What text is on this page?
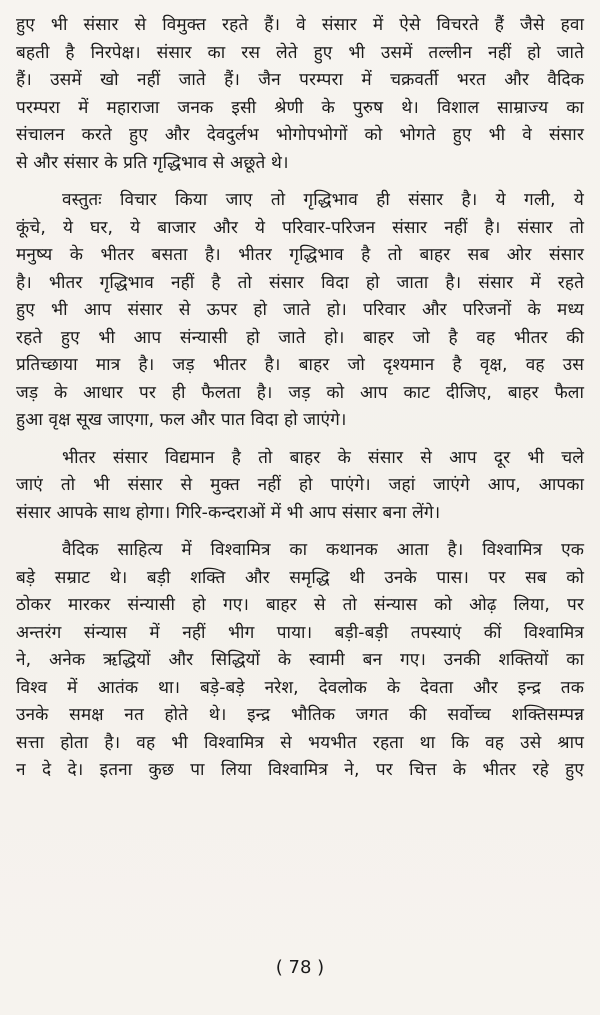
हुए भी संसार से विमुक्त रहते हैं। वे संसार में ऐसे विचरते हैं जैसे हवा
बहती है निरपेक्ष। संसार का रस लेते हुए भी उसमें तल्लीन नहीं हो जाते
हैं। उसमें खो नहीं जाते हैं। जैन परम्परा में चक्रवर्ती भरत और वैदिक
परम्परा में महाराजा जनक इसी श्रेणी के पुरुष थे। विशाल साम्राज्य का
संचालन करते हुए और देवदुर्लभ भोगोपभोगों को भोगते हुए भी वे संसार
से और संसार के प्रति गृद्धिभाव से अछूते थे।
वस्तुतः विचार किया जाए तो गृद्धिभाव ही संसार है। ये गली, ये
कूंचे, ये घर, ये बाजार और ये परिवार-परिजन संसार नहीं है। संसार तो
मनुष्य के भीतर बसता है। भीतर गृद्धिभाव है तो बाहर सब ओर संसार
है। भीतर गृद्धिभाव नहीं है तो संसार विदा हो जाता है। संसार में रहते
हुए भी आप संसार से ऊपर हो जाते हो। परिवार और परिजनों के मध्य
रहते हुए भी आप संन्यासी हो जाते हो। बाहर जो है वह भीतर की
प्रतिच्छाया मात्र है। जड़ भीतर है। बाहर जो दृश्यमान है वृक्ष, वह उस
जड़ के आधार पर ही फैलता है। जड़ को आप काट दीजिए, बाहर फैला
हुआ वृक्ष सूख जाएगा, फल और पात विदा हो जाएंगे।
भीतर संसार विद्यमान है तो बाहर के संसार से आप दूर भी चले
जाएं तो भी संसार से मुक्त नहीं हो पाएंगे। जहां जाएंगे आप, आपका
संसार आपके साथ होगा। गिरि-कन्दराओं में भी आप संसार बना लेंगे।
वैदिक साहित्य में विश्वामित्र का कथानक आता है। विश्वामित्र एक
बड़े सम्राट थे। बड़ी शक्ति और समृद्धि थी उनके पास। पर सब को
ठोकर मारकर संन्यासी हो गए। बाहर से तो संन्यास को ओढ़ लिया, पर
अन्तरंग संन्यास में नहीं भीग पाया। बड़ी-बड़ी तपस्याएं कीं विश्वामित्र
ने, अनेक ऋद्धियों और सिद्धियों के स्वामी बन गए। उनकी शक्तियों का
विश्व में आतंक था। बड़े-बड़े नरेश, देवलोक के देवता और इन्द्र तक
उनके समक्ष नत होते थे। इन्द्र भौतिक जगत की सर्वोच्च शक्तिसम्पन्न
सत्ता होता है। वह भी विश्वामित्र से भयभीत रहता था कि वह उसे श्राप
न दे दे। इतना कुछ पा लिया विश्वामित्र ने, पर चित्त के भीतर रहे हुए
( 78 )
